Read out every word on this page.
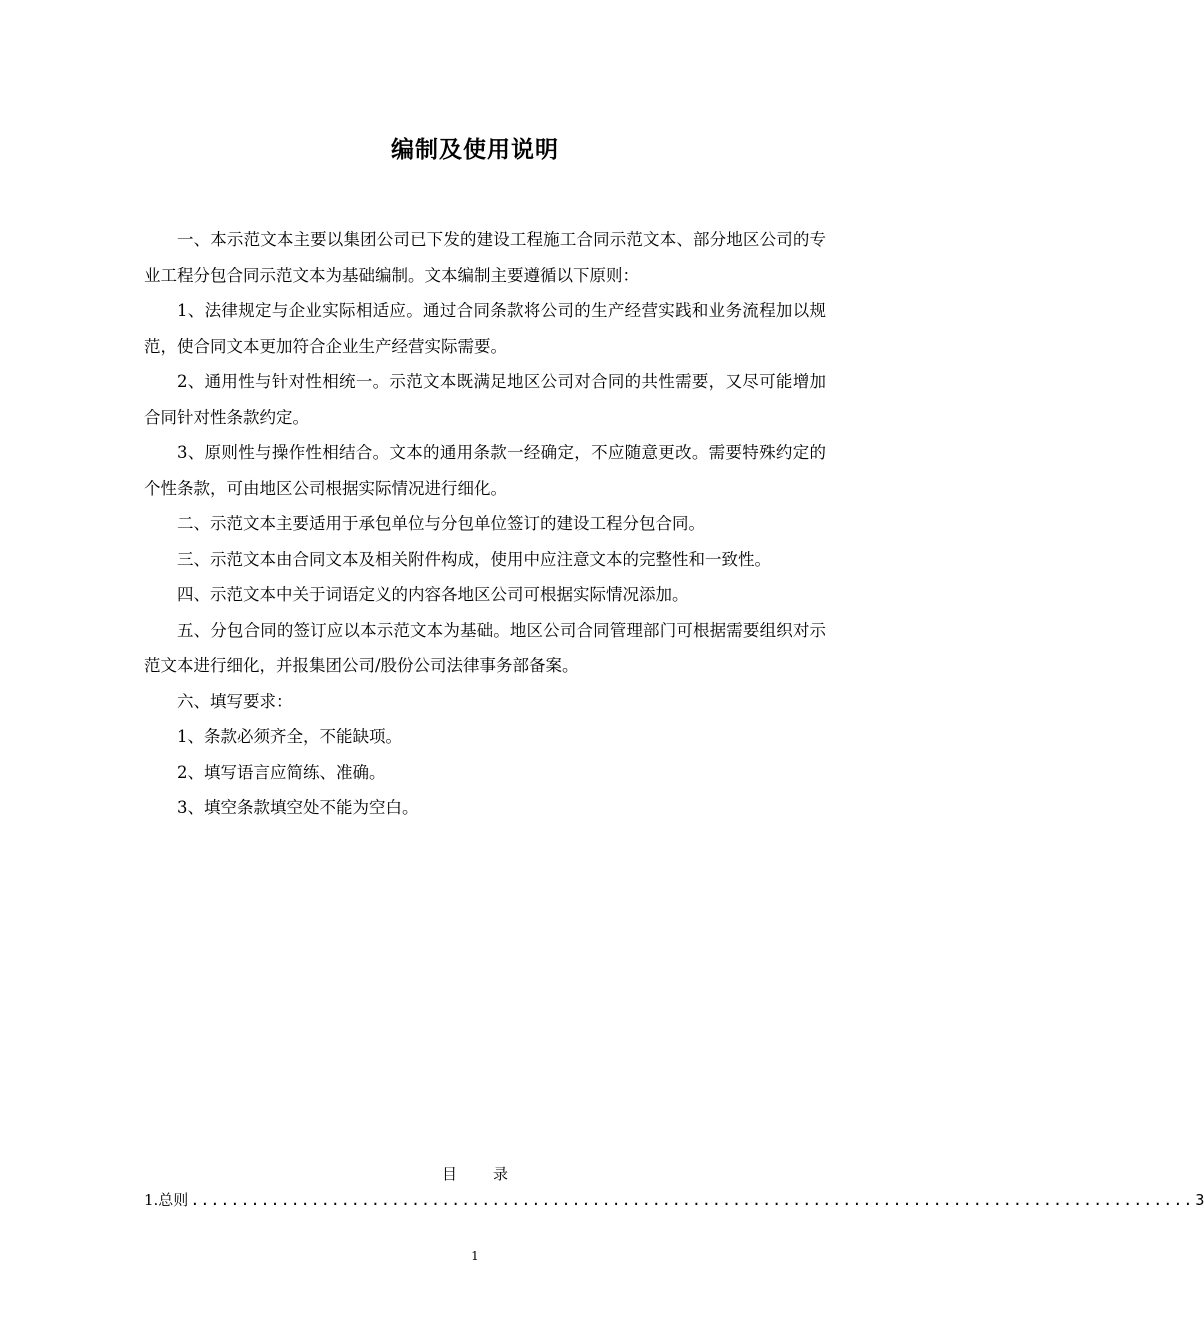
编制及使用说明

一、本示范文本主要以集团公司已下发的建设工程施工合同示范文本、部分地区公司的专业工程分包合同示范文本为基础编制。文本编制主要遵循以下原则：

1、法律规定与企业实际相适应。通过合同条款将公司的生产经营实践和业务流程加以规范，使合同文本更加符合企业生产经营实际需要。

2、通用性与针对性相统一。示范文本既满足地区公司对合同的共性需要，又尽可能增加合同针对性条款约定。

3、原则性与操作性相结合。文本的通用条款一经确定，不应随意更改。需要特殊约定的个性条款，可由地区公司根据实际情况进行细化。

二、示范文本主要适用于承包单位与分包单位签订的建设工程分包合同。

三、示范文本由合同文本及相关附件构成，使用中应注意文本的完整性和一致性。

四、示范文本中关于词语定义的内容各地区公司可根据实际情况添加。

五、分包合同的签订应以本示范文本为基础。地区公司合同管理部门可根据需要组织对示范文本进行细化，并报集团公司/股份公司法律事务部备案。

六、填写要求：

1、条款必须齐全，不能缺项。

2、填写语言应简练、准确。

3、填空条款填空处不能为空白。

目 录
1.总则 .................................................................................................... 3
1
